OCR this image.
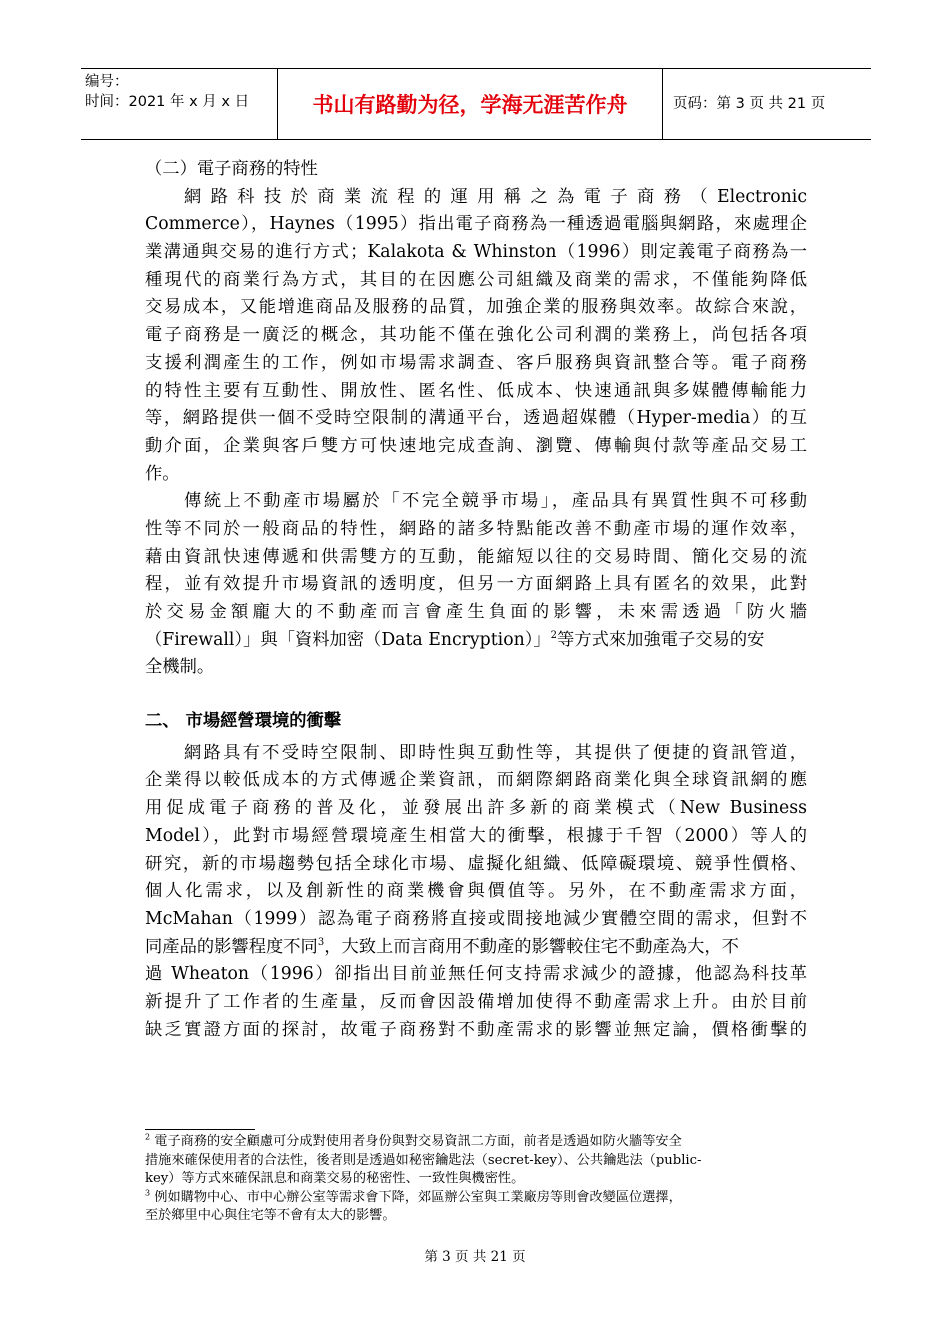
编号：
时间：2021 年 x 月 x 日	书山有路勤为径，学海无涯苦作舟	页码：第 3 页 共 21 页
（二）電子商務的特性
網路科技於商業流程的運用稱之為電子商務（Electronic
Commerce），Haynes（1995）指出電子商務為一種透過電腦與網路，來處理企
業溝通與交易的進行方式；Kalakota & Whinston（1996）則定義電子商務為一
種現代的商業行為方式，其目的在因應公司組織及商業的需求，不僅能夠降低
交易成本，又能增進商品及服務的品質，加強企業的服務與效率。故綜合來說，
電子商務是一廣泛的概念，其功能不僅在強化公司利潤的業務上，尚包括各項
支援利潤產生的工作，例如市場需求調查、客戶服務與資訊整合等。電子商務
的特性主要有互動性、開放性、匿名性、低成本、快速通訊與多媒體傳輸能力
等，網路提供一個不受時空限制的溝通平台，透過超媒體（Hyper-media）的互
動介面，企業與客戶雙方可快速地完成查詢、瀏覽、傳輸與付款等產品交易工
作。
傳統上不動產市場屬於「不完全競爭市場」，產品具有異質性與不可移動
性等不同於一般商品的特性，網路的諸多特點能改善不動產市場的運作效率，
藉由資訊快速傳遞和供需雙方的互動，能縮短以往的交易時間、簡化交易的流
程，並有效提升市場資訊的透明度，但另一方面網路上具有匿名的效果，此對
於交易金額龐大的不動產而言會產生負面的影響，未來需透過「防火牆
（Firewall）」與「資料加密（Data Encryption）」$^2$等方式來加強電子交易的安
全機制。
二、 市場經營環境的衝擊
網路具有不受時空限制、即時性與互動性等，其提供了便捷的資訊管道，
企業得以較低成本的方式傳遞企業資訊，而網際網路商業化與全球資訊網的應
用促成電子商務的普及化，並發展出許多新的商業模式（New Business
Model），此對市場經營環境產生相當大的衝擊，根據于千智（2000）等人的
研究，新的市場趨勢包括全球化市場、虛擬化組織、低障礙環境、競爭性價格、
個人化需求，以及創新性的商業機會與價值等。另外，在不動產需求方面，
McMahan（1999）認為電子商務將直接或間接地減少實體空間的需求，但對不
同產品的影響程度不同$^3$，大致上而言商用不動產的影響較住宅不動產為大，不
過 Wheaton（1996）卻指出目前並無任何支持需求減少的證據，他認為科技革
新提升了工作者的生產量，反而會因設備增加使得不動產需求上升。由於目前
缺乏實證方面的探討，故電子商務對不動產需求的影響並無定論，價格衝擊的
$^2$ 電子商務的安全顧慮可分成對使用者身份與對交易資訊二方面，前者是透過如防火牆等安全
措施來確保使用者的合法性，後者則是透過如秘密鑰匙法（secret-key）、公共鑰匙法（public-
key）等方式來確保訊息和商業交易的秘密性、一致性與機密性。
$^3$ 例如購物中心、市中心辦公室等需求會下降，郊區辦公室與工業廠房等則會改變區位選擇，
至於鄉里中心與住宅等不會有太大的影響。
第 3 页 共 21 页
